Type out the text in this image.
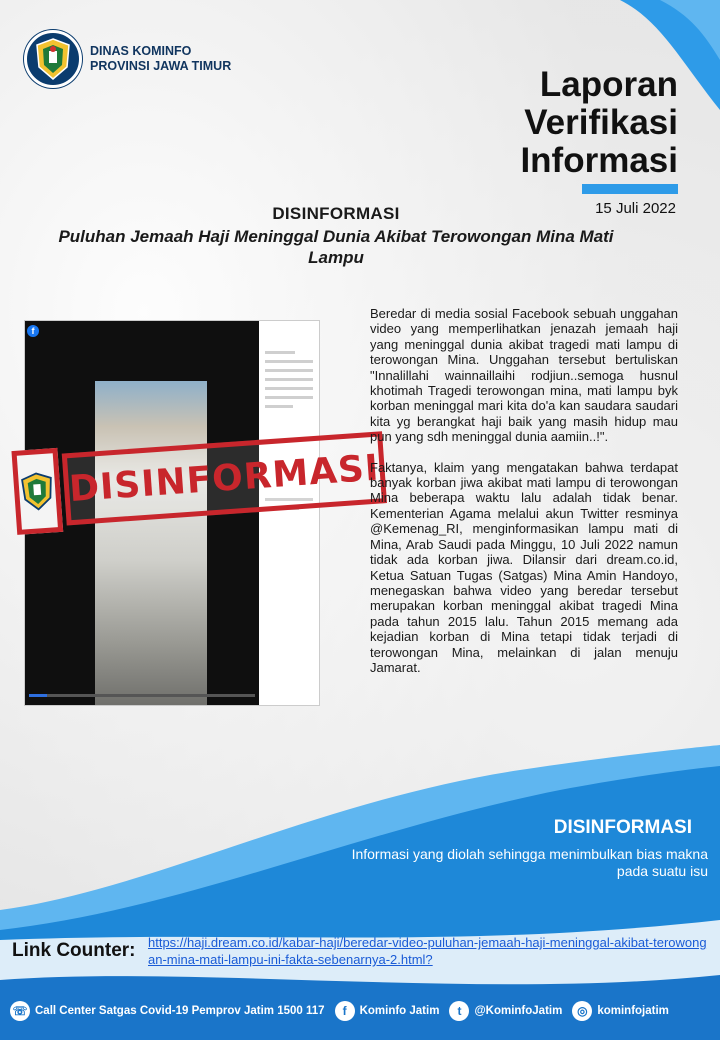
DINAS KOMINFO
PROVINSI JAWA TIMUR	Laporan
Verifikasi
Informasi
15 Juli 2022
DISINFORMASI
Puluhan Jemaah Haji Meninggal Dunia Akibat Terowongan Mina Mati Lampu
f
DISINFORMASI

Beredar di media sosial Facebook sebuah unggahan video yang memperlihatkan jenazah jemaah haji yang meninggal dunia akibat tragedi mati lampu di terowongan Mina. Unggahan tersebut bertuliskan "Innalillahi wainnaillaihi rodjiun..semoga husnul khotimah Tragedi terowongan mina, mati lampu byk korban meninggal mari kita do'a kan saudara saudari kita yg berangkat haji baik yang masih hidup mau pun yang sdh meninggal dunia aamiin..!".

Faktanya, klaim yang mengatakan bahwa terdapat banyak korban jiwa akibat mati lampu di terowongan Mina beberapa waktu lalu adalah tidak benar. Kementerian Agama melalui akun Twitter resminya @Kemenag_RI, menginformasikan lampu mati di Mina, Arab Saudi pada Minggu, 10 Juli 2022 namun tidak ada korban jiwa. Dilansir dari dream.co.id, Ketua Satuan Tugas (Satgas) Mina Amin Handoyo, menegaskan bahwa video yang beredar tersebut merupakan korban meninggal akibat tragedi Mina pada tahun 2015 lalu. Tahun 2015 memang ada kejadian korban di Mina tetapi tidak terjadi di terowongan Mina, melainkan di jalan menuju Jamarat.

DISINFORMASI
Informasi yang diolah sehingga menimbulkan bias makna pada suatu isu
Link Counter: https://haji.dream.co.id/kabar-haji/beredar-video-puluhan-jemaah-haji-meninggal-akibat-terowongan-mina-mati-lampu-ini-fakta-sebenarnya-2.html?
☏ Call Center Satgas Covid-19 Pemprov Jatim 1500 117	f	Kominfo Jatim	t	@KominfoJatim	◎ kominfojatim
